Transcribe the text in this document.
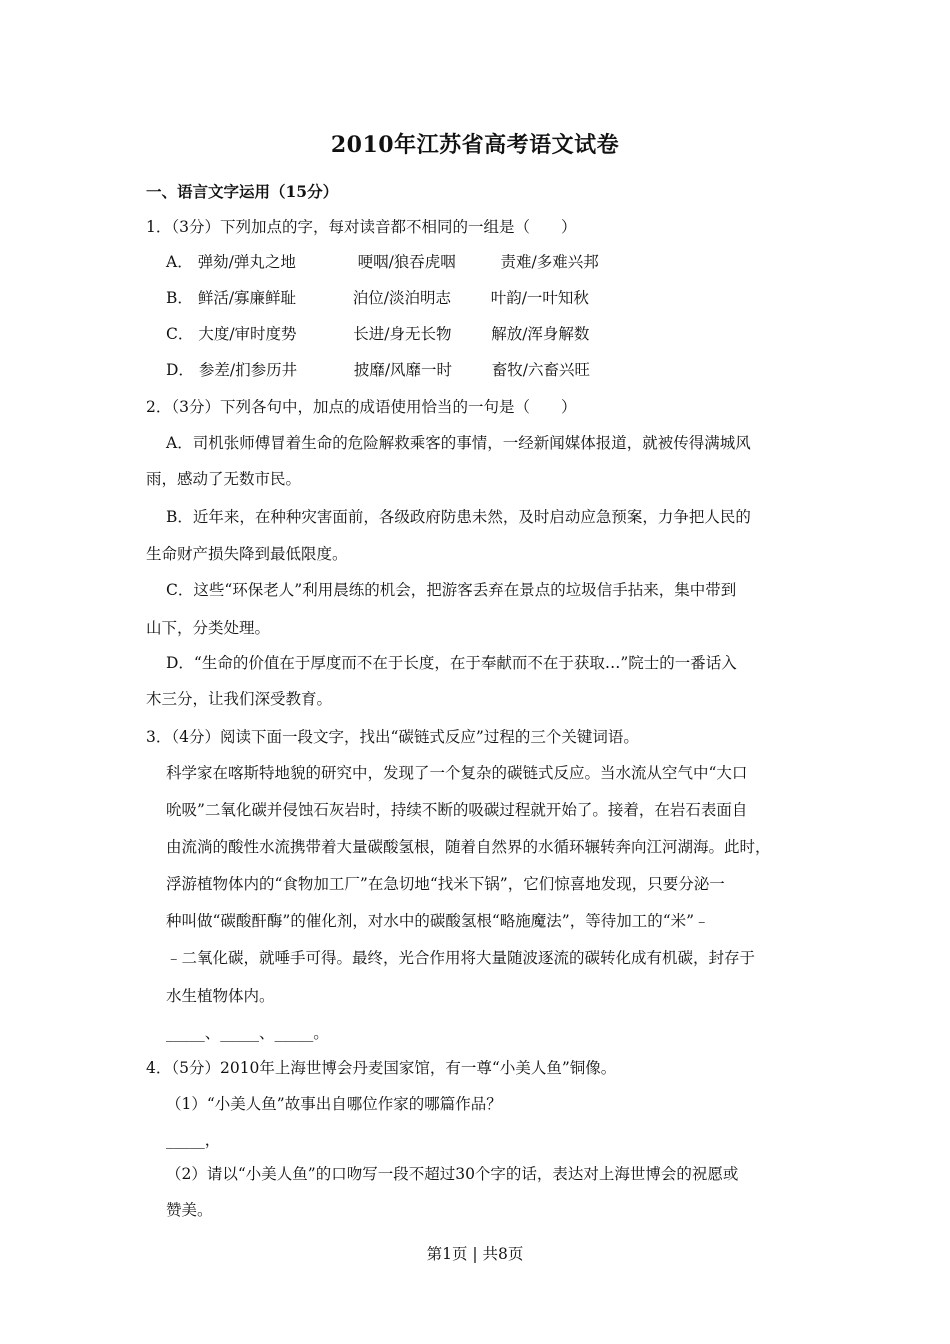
2010年江苏省高考语文试卷
一、语言文字运用（15分）
1．（3分）下列加点的字，每对读音都不相同的一组是（　　）
A． 弹劾/弹丸之地	哽咽/狼吞虎咽	责难/多难兴邦
B． 鲜活/寡廉鲜耻	泊位/淡泊明志	叶韵/一叶知秋
C． 大度/审时度势	长进/身无长物	解放/浑身解数
D． 参差/扪参历井	披靡/风靡一时	畜牧/六畜兴旺
2．（3分）下列各句中，加点的成语使用恰当的一句是（　　）
A．司机张师傅冒着生命的危险解救乘客的事情，一经新闻媒体报道，就被传得满城风
雨，感动了无数市民。
B．近年来，在种种灾害面前，各级政府防患未然，及时启动应急预案，力争把人民的
生命财产损失降到最低限度。
C．这些“环保老人”利用晨练的机会，把游客丢弃在景点的垃圾信手拈来，集中带到
山下，分类处理。
D．“生命的价值在于厚度而不在于长度，在于奉献而不在于获取…”院士的一番话入
木三分，让我们深受教育。
3．（4分）阅读下面一段文字，找出“碳链式反应”过程的三个关键词语。
科学家在喀斯特地貌的研究中，发现了一个复杂的碳链式反应。当水流从空气中“大口
吮吸”二氧化碳并侵蚀石灰岩时，持续不断的吸碳过程就开始了。接着，在岩石表面自
由流淌的酸性水流携带着大量碳酸氢根，随着自然界的水循环辗转奔向江河湖海。此时，
浮游植物体内的“食物加工厂”在急切地“找米下锅”，它们惊喜地发现，只要分泌一
种叫做“碳酸酐酶”的催化剂，对水中的碳酸氢根“略施魔法”，等待加工的“米”﹣
﹣二氧化碳，就唾手可得。最终，光合作用将大量随波逐流的碳转化成有机碳，封存于
水生植物体内。
_____、_____、_____。
4．（5分）2010年上海世博会丹麦国家馆，有一尊“小美人鱼”铜像。
（1）“小美人鱼”故事出自哪位作家的哪篇作品？
_____，
（2）请以“小美人鱼”的口吻写一段不超过30个字的话，表达对上海世博会的祝愿或
赞美。
第1页 | 共8页
